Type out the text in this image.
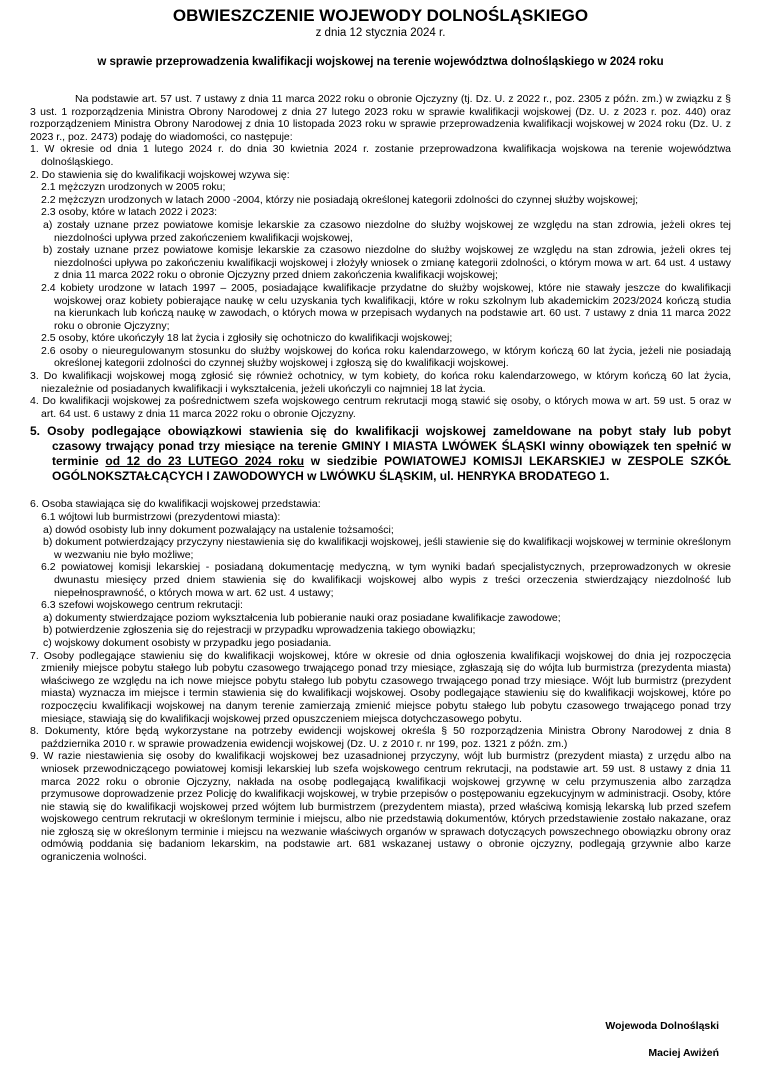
OBWIESZCZENIE WOJEWODY DOLNOŚLĄSKIEGO
z dnia 12 stycznia 2024 r.
w sprawie przeprowadzenia kwalifikacji wojskowej na terenie województwa dolnośląskiego w 2024 roku
Na podstawie art. 57 ust. 7 ustawy z dnia 11 marca 2022 roku o obronie Ojczyzny (tj. Dz. U. z 2022 r., poz. 2305 z późn. zm.) w związku z § 3 ust. 1 rozporządzenia Ministra Obrony Narodowej z dnia 27 lutego 2023 roku w sprawie kwalifikacji wojskowej (Dz. U. z 2023 r. poz. 440) oraz rozporządzeniem Ministra Obrony Narodowej z dnia 10 listopada 2023 roku w sprawie przeprowadzenia kwalifikacji wojskowej w 2024 roku (Dz. U. z 2023 r., poz. 2473) podaję do wiadomości, co następuje:
1. W okresie od dnia 1 lutego 2024 r. do dnia 30 kwietnia 2024 r. zostanie przeprowadzona kwalifikacja wojskowa na terenie województwa dolnośląskiego.
2. Do stawienia się do kwalifikacji wojskowej wzywa się:
2.1 mężczyzn urodzonych w 2005 roku;
2.2 mężczyzn urodzonych w latach 2000 -2004, którzy nie posiadają określonej kategorii zdolności do czynnej służby wojskowej;
2.3 osoby, które w latach 2022 i 2023:
a) zostały uznane przez powiatowe komisje lekarskie za czasowo niezdolne do służby wojskowej ze względu na stan zdrowia, jeżeli okres tej niezdolności upływa przed zakończeniem kwalifikacji wojskowej,
b) zostały uznane przez powiatowe komisje lekarskie za czasowo niezdolne do służby wojskowej ze względu na stan zdrowia, jeżeli okres tej niezdolności upływa po zakończeniu kwalifikacji wojskowej i złożyły wniosek o zmianę kategorii zdolności, o którym mowa w art. 64 ust. 4 ustawy z dnia 11 marca 2022 roku o obronie Ojczyzny przed dniem zakończenia kwalifikacji wojskowej;
2.4 kobiety urodzone w latach 1997 – 2005, posiadające kwalifikacje przydatne do służby wojskowej, które nie stawały jeszcze do kwalifikacji wojskowej oraz kobiety pobierające naukę w celu uzyskania tych kwalifikacji, które w roku szkolnym lub akademickim 2023/2024 kończą studia na kierunkach lub kończą naukę w zawodach, o których mowa w przepisach wydanych na podstawie art. 60 ust. 7 ustawy z dnia 11 marca 2022 roku o obronie Ojczyzny;
2.5 osoby, które ukończyły 18 lat życia i zgłosiły się ochotniczo do kwalifikacji wojskowej;
2.6 osoby o nieuregulowanym stosunku do służby wojskowej do końca roku kalendarzowego, w którym kończą 60 lat życia, jeżeli nie posiadają określonej kategorii zdolności do czynnej służby wojskowej i zgłoszą się do kwalifikacji wojskowej.
3. Do kwalifikacji wojskowej mogą zgłosić się również ochotnicy, w tym kobiety, do końca roku kalendarzowego, w którym kończą 60 lat życia, niezależnie od posiadanych kwalifikacji i wykształcenia, jeżeli ukończyli co najmniej 18 lat życia.
4. Do kwalifikacji wojskowej za pośrednictwem szefa wojskowego centrum rekrutacji mogą stawić się osoby, o których mowa w art. 59 ust. 5 oraz w art. 64 ust. 6 ustawy z dnia 11 marca 2022 roku o obronie Ojczyzny.
5. Osoby podlegające obowiązkowi stawienia się do kwalifikacji wojskowej zameldowane na pobyt stały lub pobyt czasowy trwający ponad trzy miesiące na terenie GMINY I MIASTA LWÓWEK ŚLĄSKI winny obowiązek ten spełnić w terminie od 12 do 23 LUTEGO 2024 roku w siedzibie POWIATOWEJ KOMISJI LEKARSKIEJ w ZESPOLE SZKÓŁ OGÓLNOKSZTAŁCĄCYCH I ZAWODOWYCH w LWÓWKU ŚLĄSKIM, ul. HENRYKA BRODATEGO 1.
6. Osoba stawiająca się do kwalifikacji wojskowej przedstawia:
6.1 wójtowi lub burmistrzowi (prezydentowi miasta):
a) dowód osobisty lub inny dokument pozwalający na ustalenie tożsamości;
b) dokument potwierdzający przyczyny niestawienia się do kwalifikacji wojskowej, jeśli stawienie się do kwalifikacji wojskowej w terminie określonym w wezwaniu nie było możliwe;
6.2 powiatowej komisji lekarskiej - posiadaną dokumentację medyczną, w tym wyniki badań specjalistycznych, przeprowadzonych w okresie dwunastu miesięcy przed dniem stawienia się do kwalifikacji wojskowej albo wypis z treści orzeczenia stwierdzający niezdolność lub niepełnosprawność, o których mowa w art. 62 ust. 4 ustawy;
6.3 szefowi wojskowego centrum rekrutacji:
a) dokumenty stwierdzające poziom wykształcenia lub pobieranie nauki oraz posiadane kwalifikacje zawodowe;
b) potwierdzenie zgłoszenia się do rejestracji w przypadku wprowadzenia takiego obowiązku;
c) wojskowy dokument osobisty w przypadku jego posiadania.
7. Osoby podlegające stawieniu się do kwalifikacji wojskowej, które w okresie od dnia ogłoszenia kwalifikacji wojskowej do dnia jej rozpoczęcia zmieniły miejsce pobytu stałego lub pobytu czasowego trwającego ponad trzy miesiące, zgłaszają się do wójta lub burmistrza (prezydenta miasta) właściwego ze względu na ich nowe miejsce pobytu stałego lub pobytu czasowego trwającego ponad trzy miesiące. Wójt lub burmistrz (prezydent miasta) wyznacza im miejsce i termin stawienia się do kwalifikacji wojskowej. Osoby podlegające stawieniu się do kwalifikacji wojskowej, które po rozpoczęciu kwalifikacji wojskowej na danym terenie zamierzają zmienić miejsce pobytu stałego lub pobytu czasowego trwającego ponad trzy miesiące, stawiają się do kwalifikacji wojskowej przed opuszczeniem miejsca dotychczasowego pobytu.
8. Dokumenty, które będą wykorzystane na potrzeby ewidencji wojskowej określa § 50 rozporządzenia Ministra Obrony Narodowej z dnia 8 października 2010 r. w sprawie prowadzenia ewidencji wojskowej (Dz. U. z 2010 r. nr 199, poz. 1321 z późn. zm.)
9. W razie niestawienia się osoby do kwalifikacji wojskowej bez uzasadnionej przyczyny, wójt lub burmistrz (prezydent miasta) z urzędu albo na wniosek przewodniczącego powiatowej komisji lekarskiej lub szefa wojskowego centrum rekrutacji, na podstawie art. 59 ust. 8 ustawy z dnia 11 marca 2022 roku o obronie Ojczyzny, nakłada na osobę podlegającą kwalifikacji wojskowej grzywnę w celu przymuszenia albo zarządza przymusowe doprowadzenie przez Policję do kwalifikacji wojskowej, w trybie przepisów o postępowaniu egzekucyjnym w administracji. Osoby, które nie stawią się do kwalifikacji wojskowej przed wójtem lub burmistrzem (prezydentem miasta), przed właściwą komisją lekarską lub przed szefem wojskowego centrum rekrutacji w określonym terminie i miejscu, albo nie przedstawią dokumentów, których przedstawienie zostało nakazane, oraz nie zgłoszą się w określonym terminie i miejscu na wezwanie właściwych organów w sprawach dotyczących powszechnego obowiązku obrony oraz odmówią poddania się badaniom lekarskim, na podstawie art. 681 wskazanej ustawy o obronie ojczyzny, podlegają grzywnie albo karze ograniczenia wolności.
Wojewoda Dolnośląski
Maciej Awiżeń
